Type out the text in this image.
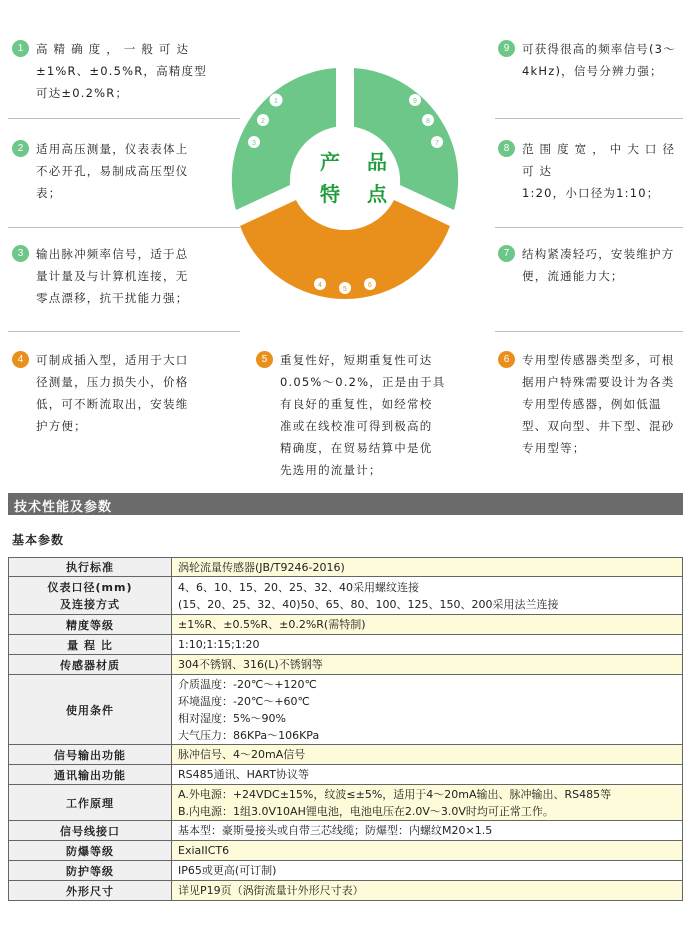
1	高 精 确 度 ， 一 般 可 达
±1%R、±0.5%R，高精度型
可达±0.2%R；
2	适用高压测量，仪表表体上
不必开孔，易制成高压型仪
表；
3	输出脉冲频率信号，适于总
量计量及与计算机连接，无
零点漂移，抗干扰能力强；
4	可制成插入型，适用于大口
径测量，压力损失小，价格
低，可不断流取出，安装维
护方便；
5	重复性好，短期重复性可达
0.05%～0.2%，正是由于具
有良好的重复性，如经常校
准或在线校准可得到极高的
精确度，在贸易结算中是优
先选用的流量计；
6	专用型传感器类型多，可根
据用户特殊需要设计为各类
专用型传感器，例如低温
型、双向型、井下型、混砂
专用型等；
7	结构紧凑轻巧，安装维护方
便，流通能力大；
8	范 围 度 宽 ， 中 大 口 径 可 达
1:20，小口径为1:10；
9	可获得很高的频率信号(3～
4kHz)，信号分辨力强；
1
2
3
9
8
7
4
5
6
产 品
特 点
技术性能及参数
基本参数
执行标准	涡轮流量传感器(JB/T9246-2016)

仪表口径(mm)
及连接方式	4、6、10、15、20、25、32、40采用螺纹连接
(15、20、25、32、40)50、65、80、100、125、150、200采用法兰连接

精度等级	±1%R、±0.5%R、±0.2%R(需特制)

量 程 比	1:10;1:15;1:20

传感器材质	304不锈钢、316(L)不锈钢等

使用条件	介质温度：-20℃～+120℃
环境温度：-20℃～+60℃
相对湿度：5%～90%
大气压力：86KPa～106KPa

信号输出功能	脉冲信号、4～20mA信号

通讯输出功能	RS485通讯、HART协议等

工作原理	A.外电源：+24VDC±15%，纹波≤±5%，适用于4～20mA输出、脉冲输出、RS485等
B.内电源：1组3.0V10AH锂电池，电池电压在2.0V～3.0V时均可正常工作。

信号线接口	基本型：豪斯曼接头或自带三芯线缆；防爆型：内螺纹M20×1.5

防爆等级	ExiaIICT6

防护等级	IP65或更高(可订制)

外形尺寸	详见P19页（涡街流量计外形尺寸表）
